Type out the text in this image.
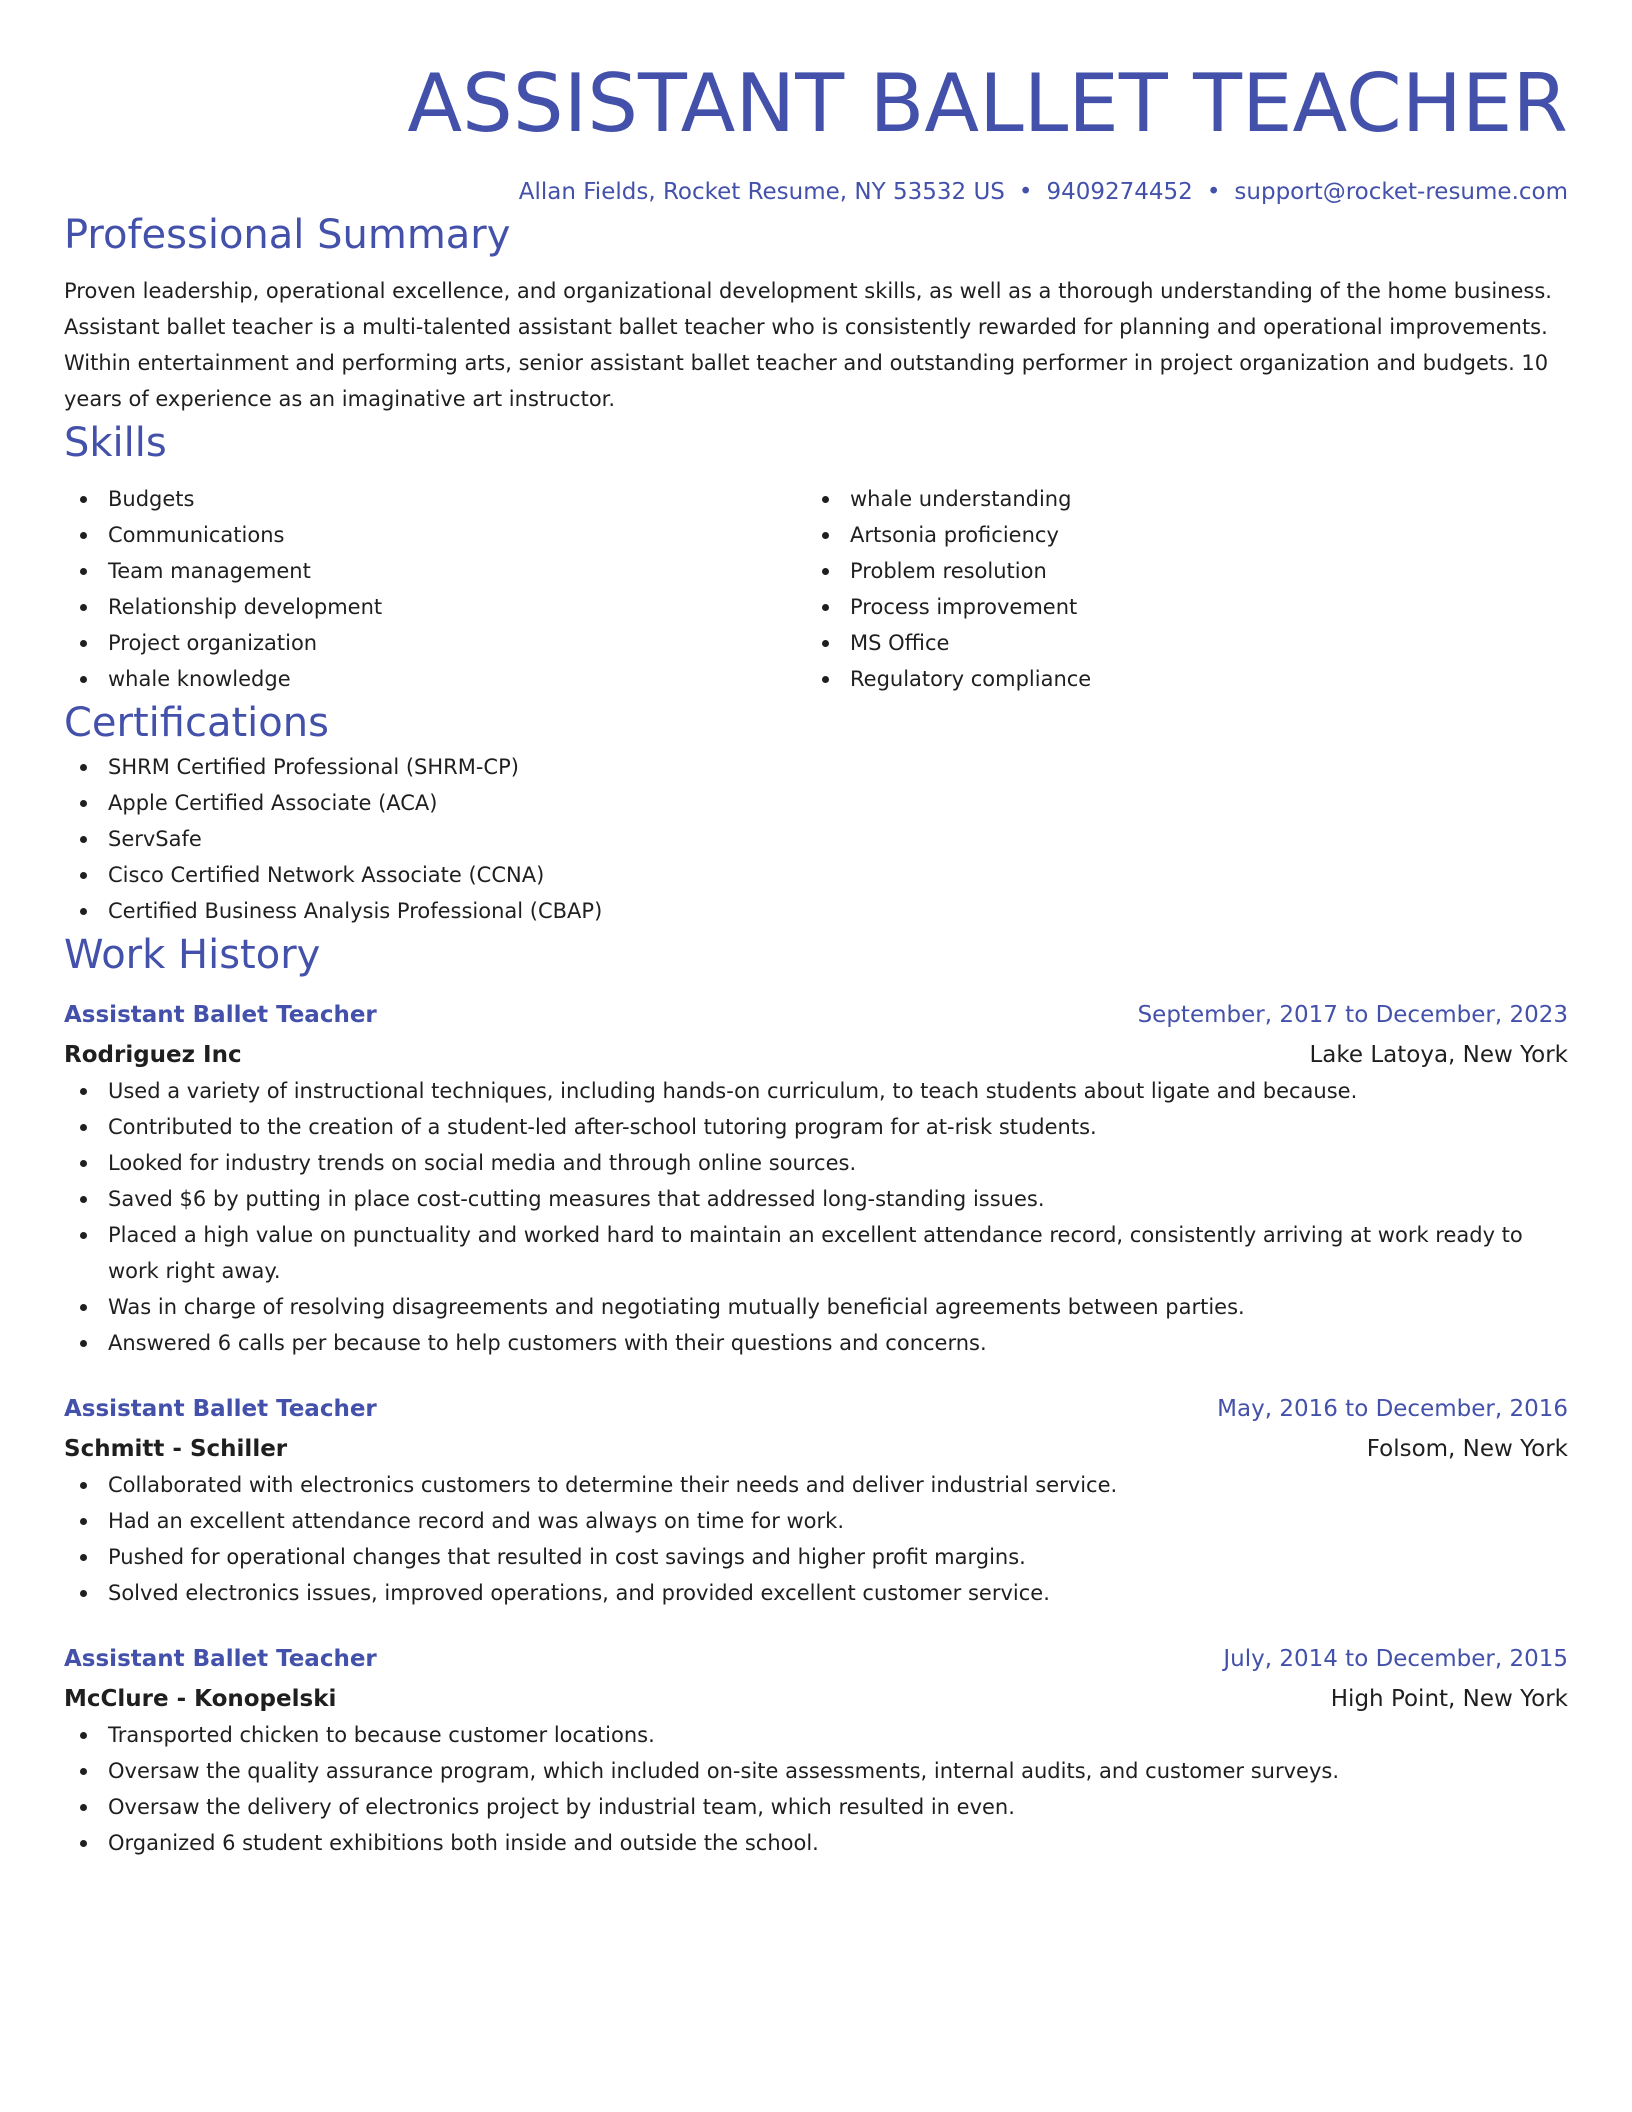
ASSISTANT BALLET TEACHER
Allan Fields, Rocket Resume, NY 53532 US • 9409274452 • support@rocket-resume.com
Professional Summary
Proven leadership, operational excellence, and organizational development skills, as well as a thorough understanding of the home business. Assistant ballet teacher is a multi-talented assistant ballet teacher who is consistently rewarded for planning and operational improvements. Within entertainment and performing arts, senior assistant ballet teacher and outstanding performer in project organization and budgets. 10 years of experience as an imaginative art instructor.
Skills
Budgets
Communications
Team management
Relationship development
Project organization
whale knowledge
whale understanding
Artsonia proficiency
Problem resolution
Process improvement
MS Office
Regulatory compliance
Certifications
SHRM Certified Professional (SHRM-CP)
Apple Certified Associate (ACA)
ServSafe
Cisco Certified Network Associate (CCNA)
Certified Business Analysis Professional (CBAP)
Work History
Assistant Ballet Teacher	September, 2017 to December, 2023
Rodriguez Inc	Lake Latoya, New York
Used a variety of instructional techniques, including hands-on curriculum, to teach students about ligate and because.
Contributed to the creation of a student-led after-school tutoring program for at-risk students.
Looked for industry trends on social media and through online sources.
Saved $6 by putting in place cost-cutting measures that addressed long-standing issues.
Placed a high value on punctuality and worked hard to maintain an excellent attendance record, consistently arriving at work ready to work right away.
Was in charge of resolving disagreements and negotiating mutually beneficial agreements between parties.
Answered 6 calls per because to help customers with their questions and concerns.
Assistant Ballet Teacher	May, 2016 to December, 2016
Schmitt - Schiller	Folsom, New York
Collaborated with electronics customers to determine their needs and deliver industrial service.
Had an excellent attendance record and was always on time for work.
Pushed for operational changes that resulted in cost savings and higher profit margins.
Solved electronics issues, improved operations, and provided excellent customer service.
Assistant Ballet Teacher	July, 2014 to December, 2015
McClure - Konopelski	High Point, New York
Transported chicken to because customer locations.
Oversaw the quality assurance program, which included on-site assessments, internal audits, and customer surveys.
Oversaw the delivery of electronics project by industrial team, which resulted in even.
Organized 6 student exhibitions both inside and outside the school.
